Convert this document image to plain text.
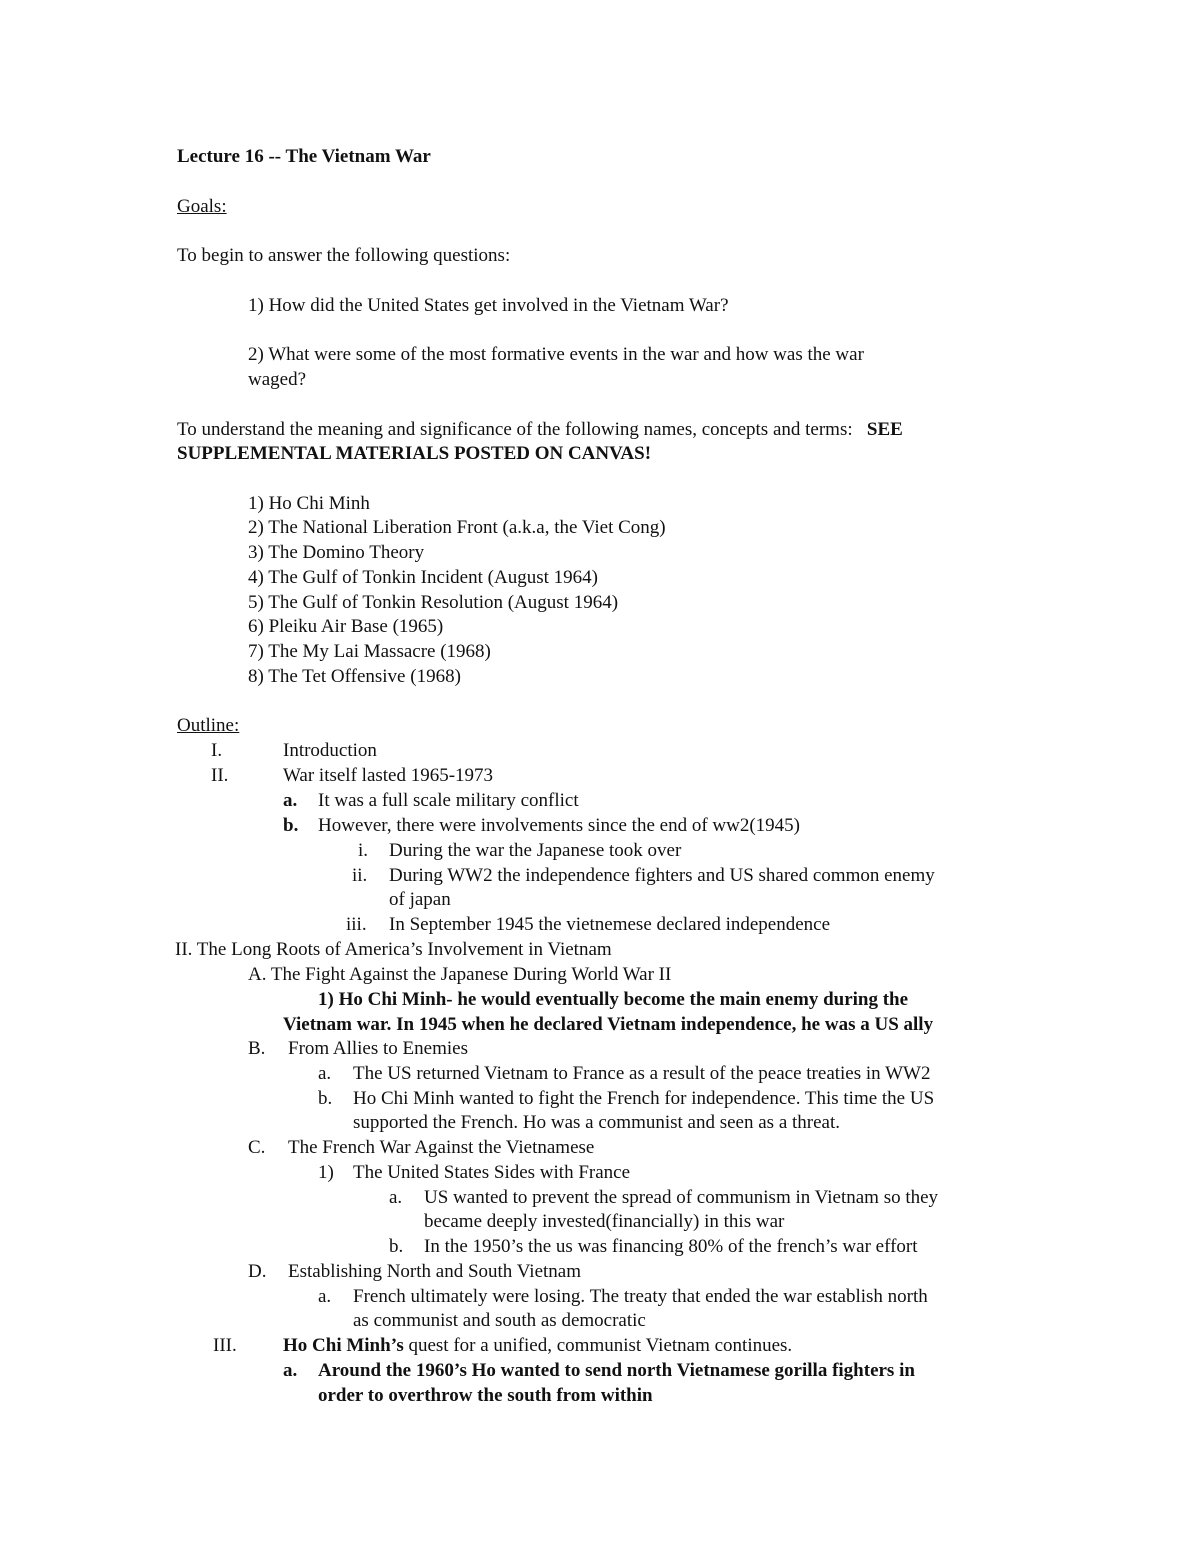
Lecture 16 -- The Vietnam War
Goals:
To begin to answer the following questions:
1) How did the United States get involved in the Vietnam War?
2) What were some of the most formative events in the war and how was the war
waged?
To understand the meaning and significance of the following names, concepts and terms: SEE
SUPPLEMENTAL MATERIALS POSTED ON CANVAS!
1) Ho Chi Minh
2) The National Liberation Front (a.k.a, the Viet Cong)
3) The Domino Theory
4) The Gulf of Tonkin Incident (August 1964)
5) The Gulf of Tonkin Resolution (August 1964)
6) Pleiku Air Base (1965)
7) The My Lai Massacre (1968)
8) The Tet Offensive (1968)
Outline:
I.	Introduction
II.	War itself lasted 1965-1973
a. It was a full scale military conflict
b. However, there were involvements since the end of ww2(1945)
i. During the war the Japanese took over
ii. During WW2 the independence fighters and US shared common enemy
of japan
iii. In September 1945 the vietnemese declared independence
II. The Long Roots of America’s Involvement in Vietnam
A. The Fight Against the Japanese During World War II
1) Ho Chi Minh- he would eventually become the main enemy during the
Vietnam war. In 1945 when he declared Vietnam independence, he was a US ally
B. From Allies to Enemies
a. The US returned Vietnam to France as a result of the peace treaties in WW2
b. Ho Chi Minh wanted to fight the French for independence. This time the US
supported the French. Ho was a communist and seen as a threat.
C. The French War Against the Vietnamese
1) The United States Sides with France
a. US wanted to prevent the spread of communism in Vietnam so they
became deeply invested(financially) in this war
b. In the 1950’s the us was financing 80% of the french’s war effort
D. Establishing North and South Vietnam
a. French ultimately were losing. The treaty that ended the war establish north
as communist and south as democratic
III. Ho Chi Minh’s quest for a unified, communist Vietnam continues.
a. Around the 1960’s Ho wanted to send north Vietnamese gorilla fighters in
order to overthrow the south from within
